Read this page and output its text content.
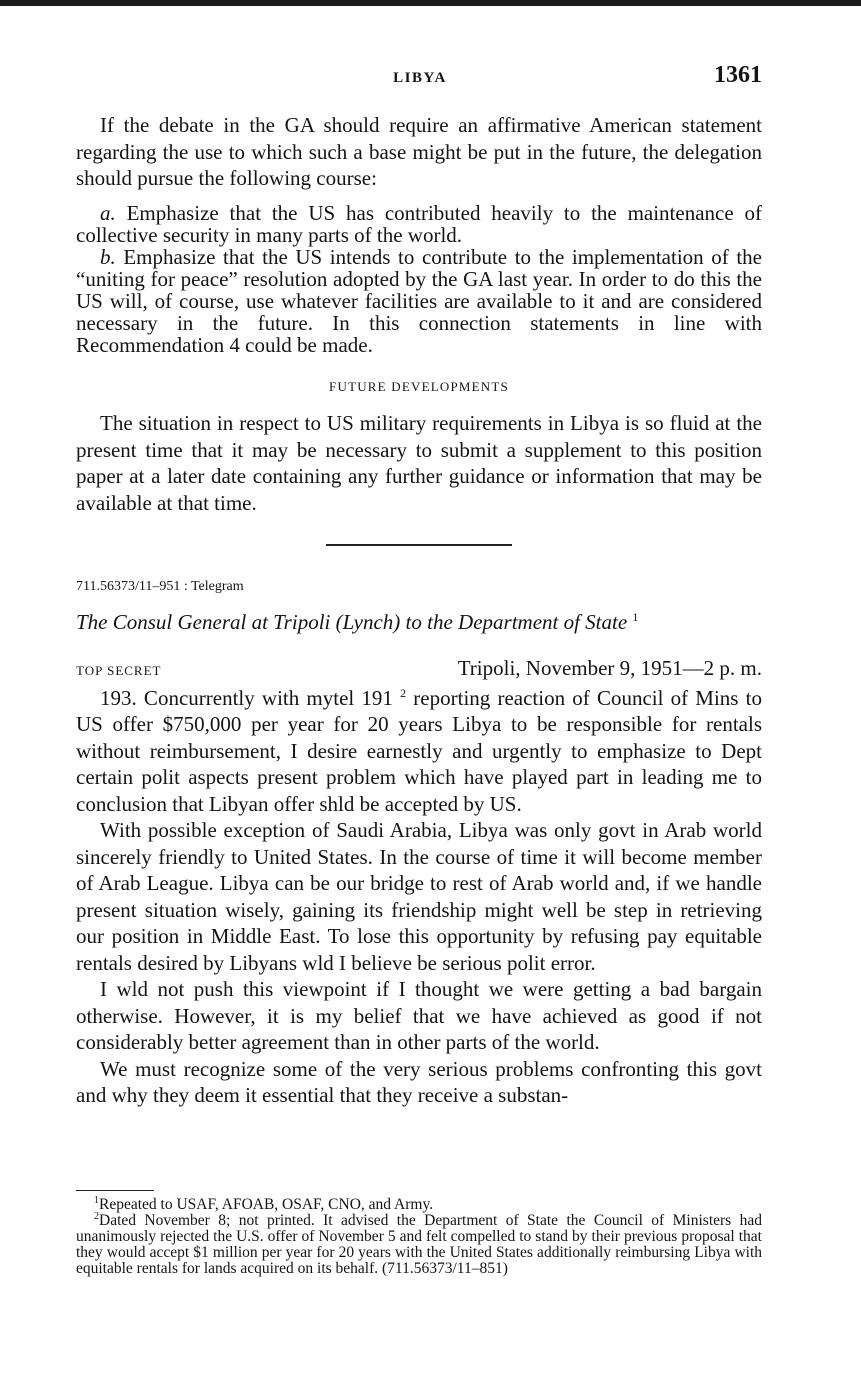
LIBYA	1361

If the debate in the GA should require an affirmative American statement regarding the use to which such a base might be put in the future, the delegation should pursue the following course:

a. Emphasize that the US has contributed heavily to the maintenance of collective security in many parts of the world.

b. Emphasize that the US intends to contribute to the implementation of the “uniting for peace” resolution adopted by the GA last year. In order to do this the US will, of course, use whatever facilities are available to it and are considered necessary in the future. In this connection statements in line with Recommendation 4 could be made.

FUTURE DEVELOPMENTS

The situation in respect to US military requirements in Libya is so fluid at the present time that it may be necessary to submit a supplement to this position paper at a later date containing any further guidance or information that may be available at that time.

711.56373/11–951 : Telegram
The Consul General at Tripoli (Lynch) to the Department of State $^1$
TOP SECRET	Tripoli, November 9, 1951—2 p. m.

193. Concurrently with mytel 191 $^2$ reporting reaction of Council of Mins to US offer $750,000 per year for 20 years Libya to be responsible for rentals without reimbursement, I desire earnestly and urgently to emphasize to Dept certain polit aspects present problem which have played part in leading me to conclusion that Libyan offer shld be accepted by US.

With possible exception of Saudi Arabia, Libya was only govt in Arab world sincerely friendly to United States. In the course of time it will become member of Arab League. Libya can be our bridge to rest of Arab world and, if we handle present situation wisely, gaining its friendship might well be step in retrieving our position in Middle East. To lose this opportunity by refusing pay equitable rentals desired by Libyans wld I believe be serious polit error.

I wld not push this viewpoint if I thought we were getting a bad bargain otherwise. However, it is my belief that we have achieved as good if not considerably better agreement than in other parts of the world.

We must recognize some of the very serious problems confronting this govt and why they deem it essential that they receive a substan-

$^1$Repeated to USAF, AFOAB, OSAF, CNO, and Army.

$^2$Dated November 8; not printed. It advised the Department of State the Council of Ministers had unanimously rejected the U.S. offer of November 5 and felt compelled to stand by their previous proposal that they would accept $1 million per year for 20 years with the United States additionally reimbursing Libya with equitable rentals for lands acquired on its behalf. (711.56373/11–851)
